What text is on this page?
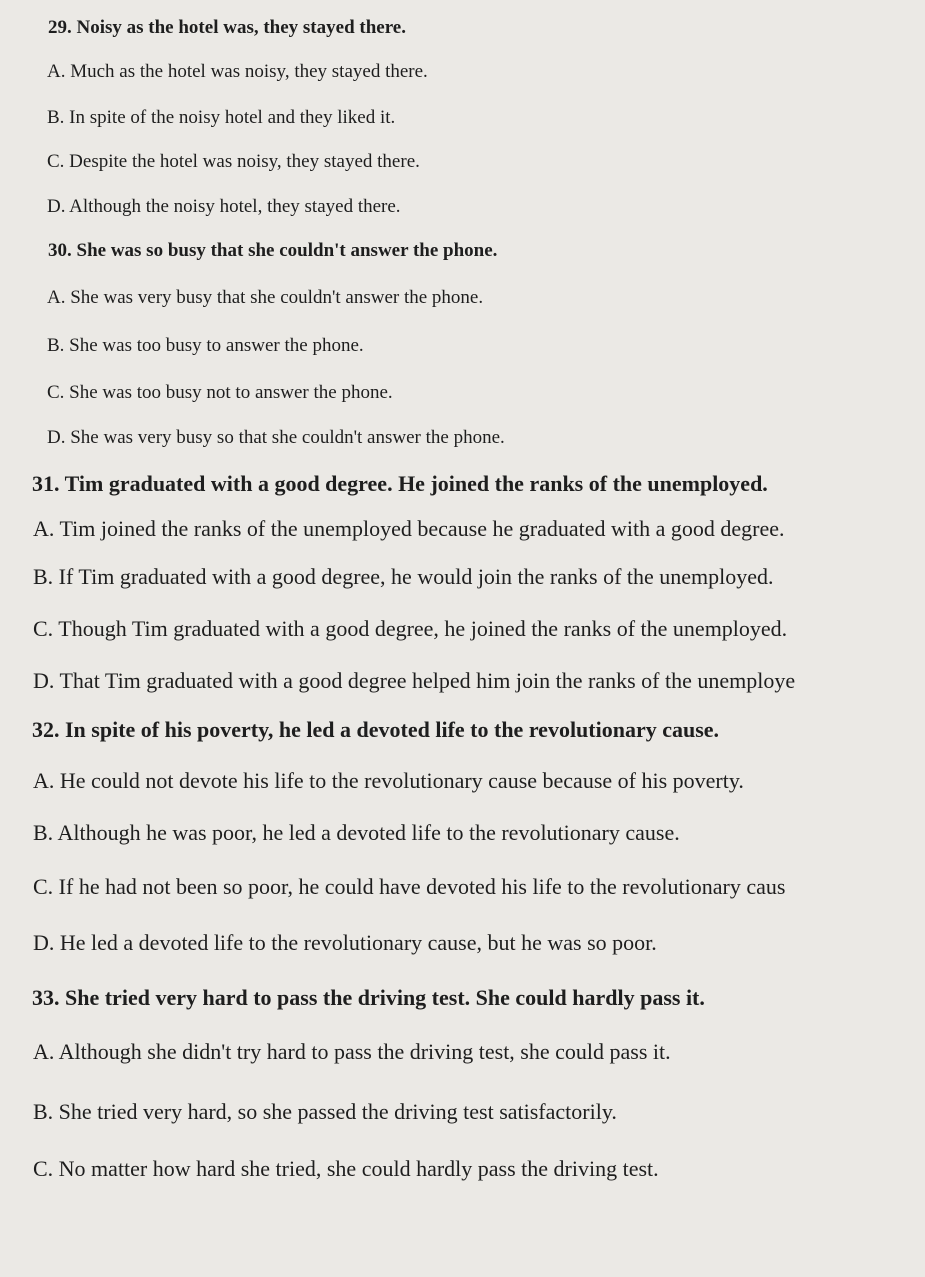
29. Noisy as the hotel was, they stayed there.
A. Much as the hotel was noisy, they stayed there.
B. In spite of the noisy hotel and they liked it.
C. Despite the hotel was noisy, they stayed there.
D. Although the noisy hotel, they stayed there.
30. She was so busy that she couldn't answer the phone.
A. She was very busy that she couldn't answer the phone.
B. She was too busy to answer the phone.
C. She was too busy not to answer the phone.
D. She was very busy so that she couldn't answer the phone.
31. Tim graduated with a good degree. He joined the ranks of the unemployed.
A. Tim joined the ranks of the unemployed because he graduated with a good degree.
B. If Tim graduated with a good degree, he would join the ranks of the unemployed.
C. Though Tim graduated with a good degree, he joined the ranks of the unemployed.
D. That Tim graduated with a good degree helped him join the ranks of the unemploye
32. In spite of his poverty, he led a devoted life to the revolutionary cause.
A. He could not devote his life to the revolutionary cause because of his poverty.
B. Although he was poor, he led a devoted life to the revolutionary cause.
C. If he had not been so poor, he could have devoted his life to the revolutionary caus
D. He led a devoted life to the revolutionary cause, but he was so poor.
33. She tried very hard to pass the driving test. She could hardly pass it.
A. Although she didn't try hard to pass the driving test, she could pass it.
B. She tried very hard, so she passed the driving test satisfactorily.
C. No matter how hard she tried, she could hardly pass the driving test.
